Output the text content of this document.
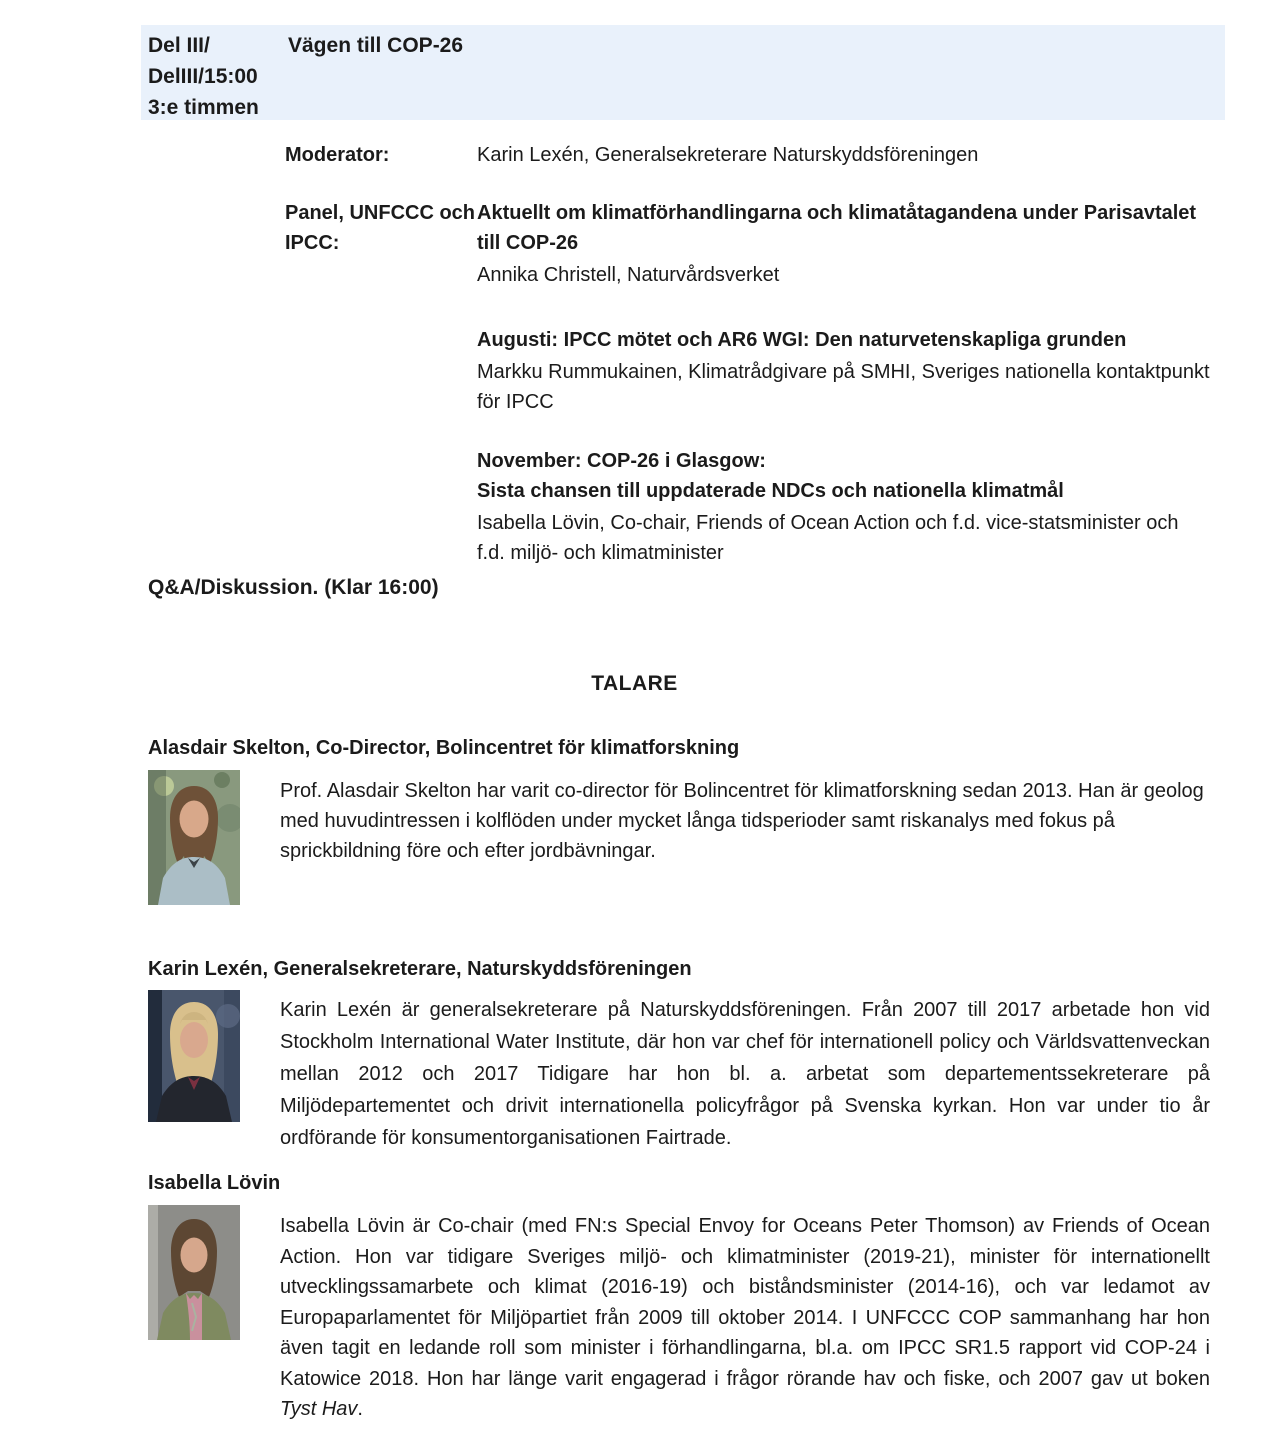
Del III/
DelIII/15:00
3:e timmen
Vägen till COP-26
Moderator:	Karin Lexén, Generalsekreterare Naturskyddsföreningen
Panel, UNFCCC och
IPCC:
Aktuellt om klimatförhandlingarna och klimatåtagandena under Parisavtalet till COP-26
Annika Christell, Naturvårdsverket
Augusti: IPCC mötet och AR6 WGI: Den naturvetenskapliga grunden
Markku Rummukainen, Klimatrådgivare på SMHI, Sveriges nationella kontaktpunkt för IPCC
November: COP-26 i Glasgow:
Sista chansen till uppdaterade NDCs och nationella klimatmål
Isabella Lövin, Co-chair, Friends of Ocean Action och f.d. vice-statsminister och f.d. miljö- och klimatminister
Q&A/Diskussion. (Klar 16:00)
TALARE
Alasdair Skelton, Co-Director, Bolincentret för klimatforskning
Prof. Alasdair Skelton har varit co-director för Bolincentret för klimatforskning sedan 2013. Han är geolog med huvudintressen i kolflöden under mycket långa tidsperioder samt riskanalys med fokus på sprickbildning före och efter jordbävningar.
Karin Lexén, Generalsekreterare, Naturskyddsföreningen
Karin Lexén är generalsekreterare på Naturskyddsföreningen. Från 2007 till 2017 arbetade hon vid Stockholm International Water Institute, där hon var chef för internationell policy och Världsvattenveckan mellan 2012 och 2017 Tidigare har hon bl. a. arbetat som departementssekreterare på Miljödepartementet och drivit internationella policyfrågor på Svenska kyrkan. Hon var under tio år ordförande för konsumentorganisationen Fairtrade.
Isabella Lövin
Isabella Lövin är Co-chair (med FN:s Special Envoy for Oceans Peter Thomson) av Friends of Ocean Action. Hon var tidigare Sveriges miljö- och klimatminister (2019-21), minister för internationellt utvecklingssamarbete och klimat (2016-19) och biståndsminister (2014-16), och var ledamot av Europaparlamentet för Miljöpartiet från 2009 till oktober 2014. I UNFCCC COP sammanhang har hon även tagit en ledande roll som minister i förhandlingarna, bl.a. om IPCC SR1.5 rapport vid COP-24 i Katowice 2018. Hon har länge varit engagerad i frågor rörande hav och fiske, och 2007 gav ut boken Tyst Hav.
